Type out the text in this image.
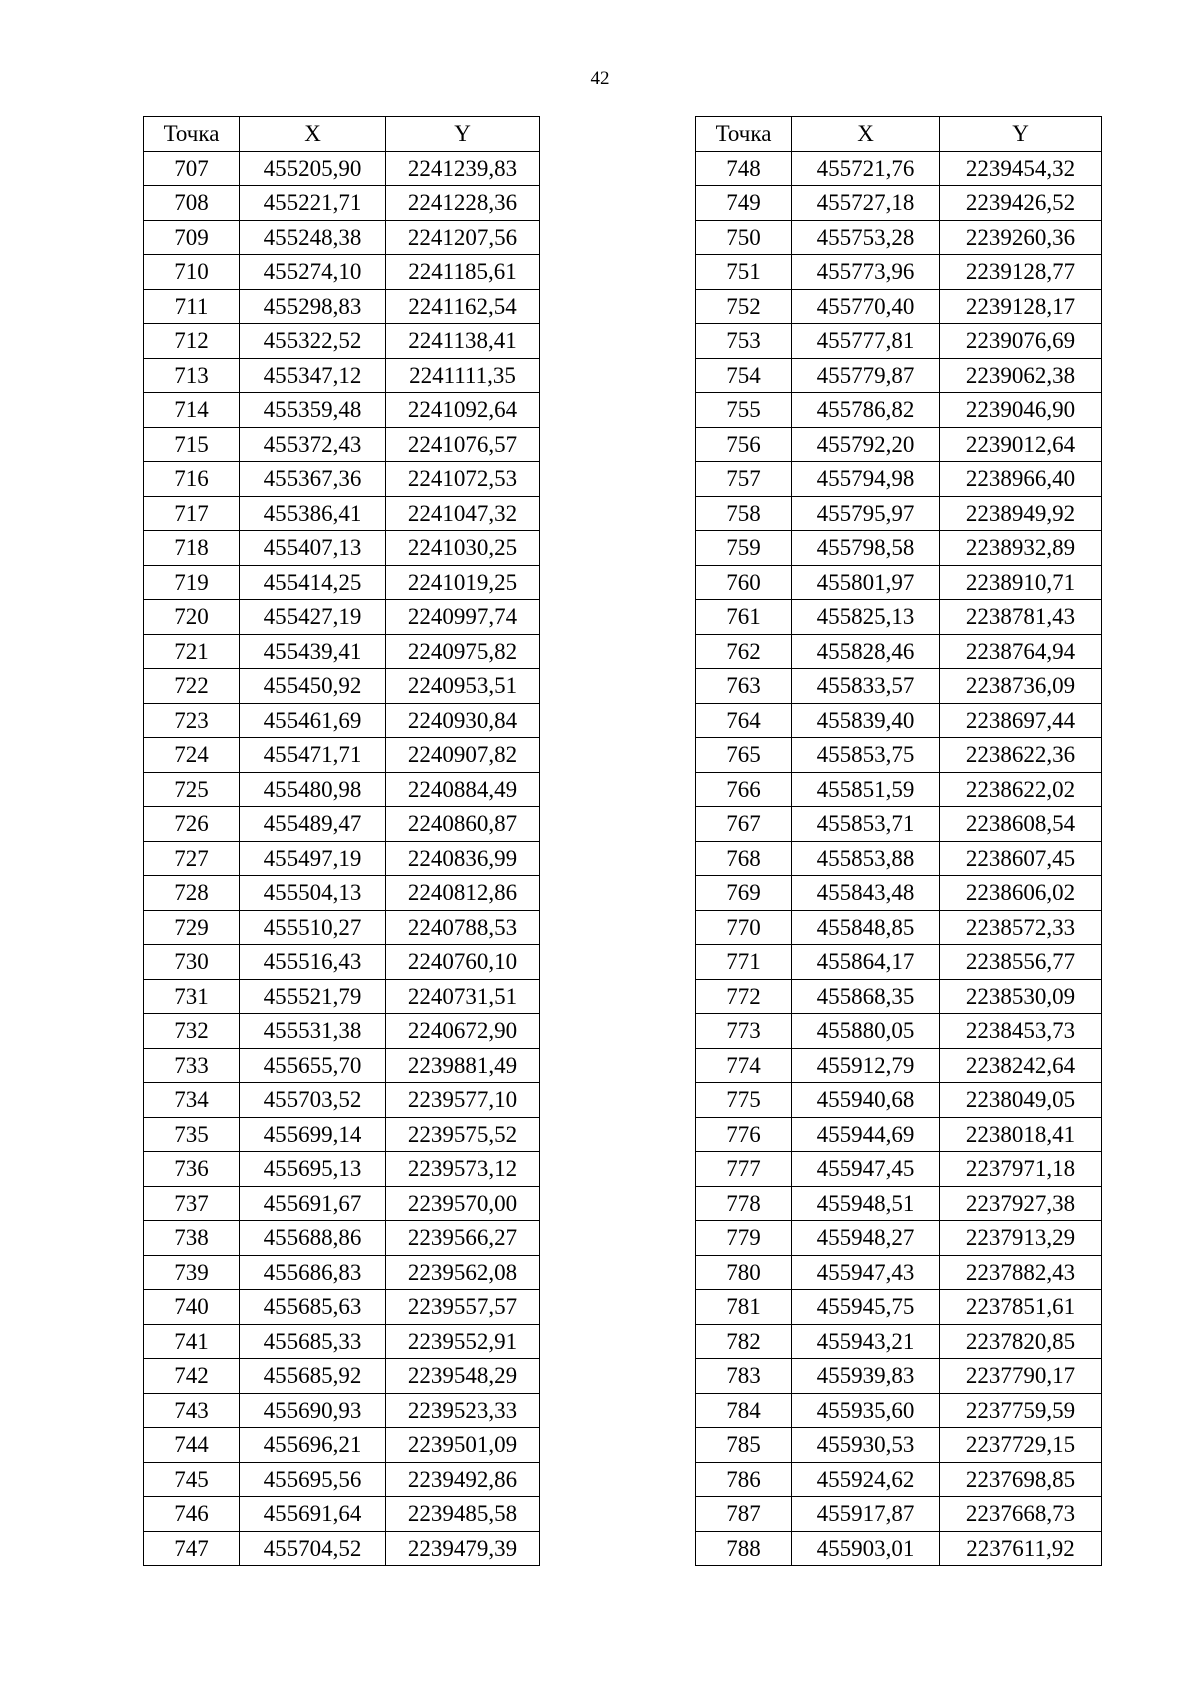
42
Точка	X	Y
707	455205,90	2241239,83
708	455221,71	2241228,36
709	455248,38	2241207,56
710	455274,10	2241185,61
711	455298,83	2241162,54
712	455322,52	2241138,41
713	455347,12	2241111,35
714	455359,48	2241092,64
715	455372,43	2241076,57
716	455367,36	2241072,53
717	455386,41	2241047,32
718	455407,13	2241030,25
719	455414,25	2241019,25
720	455427,19	2240997,74
721	455439,41	2240975,82
722	455450,92	2240953,51
723	455461,69	2240930,84
724	455471,71	2240907,82
725	455480,98	2240884,49
726	455489,47	2240860,87
727	455497,19	2240836,99
728	455504,13	2240812,86
729	455510,27	2240788,53
730	455516,43	2240760,10
731	455521,79	2240731,51
732	455531,38	2240672,90
733	455655,70	2239881,49
734	455703,52	2239577,10
735	455699,14	2239575,52
736	455695,13	2239573,12
737	455691,67	2239570,00
738	455688,86	2239566,27
739	455686,83	2239562,08
740	455685,63	2239557,57
741	455685,33	2239552,91
742	455685,92	2239548,29
743	455690,93	2239523,33
744	455696,21	2239501,09
745	455695,56	2239492,86
746	455691,64	2239485,58
747	455704,52	2239479,39
Точка	X	Y
748	455721,76	2239454,32
749	455727,18	2239426,52
750	455753,28	2239260,36
751	455773,96	2239128,77
752	455770,40	2239128,17
753	455777,81	2239076,69
754	455779,87	2239062,38
755	455786,82	2239046,90
756	455792,20	2239012,64
757	455794,98	2238966,40
758	455795,97	2238949,92
759	455798,58	2238932,89
760	455801,97	2238910,71
761	455825,13	2238781,43
762	455828,46	2238764,94
763	455833,57	2238736,09
764	455839,40	2238697,44
765	455853,75	2238622,36
766	455851,59	2238622,02
767	455853,71	2238608,54
768	455853,88	2238607,45
769	455843,48	2238606,02
770	455848,85	2238572,33
771	455864,17	2238556,77
772	455868,35	2238530,09
773	455880,05	2238453,73
774	455912,79	2238242,64
775	455940,68	2238049,05
776	455944,69	2238018,41
777	455947,45	2237971,18
778	455948,51	2237927,38
779	455948,27	2237913,29
780	455947,43	2237882,43
781	455945,75	2237851,61
782	455943,21	2237820,85
783	455939,83	2237790,17
784	455935,60	2237759,59
785	455930,53	2237729,15
786	455924,62	2237698,85
787	455917,87	2237668,73
788	455903,01	2237611,92
